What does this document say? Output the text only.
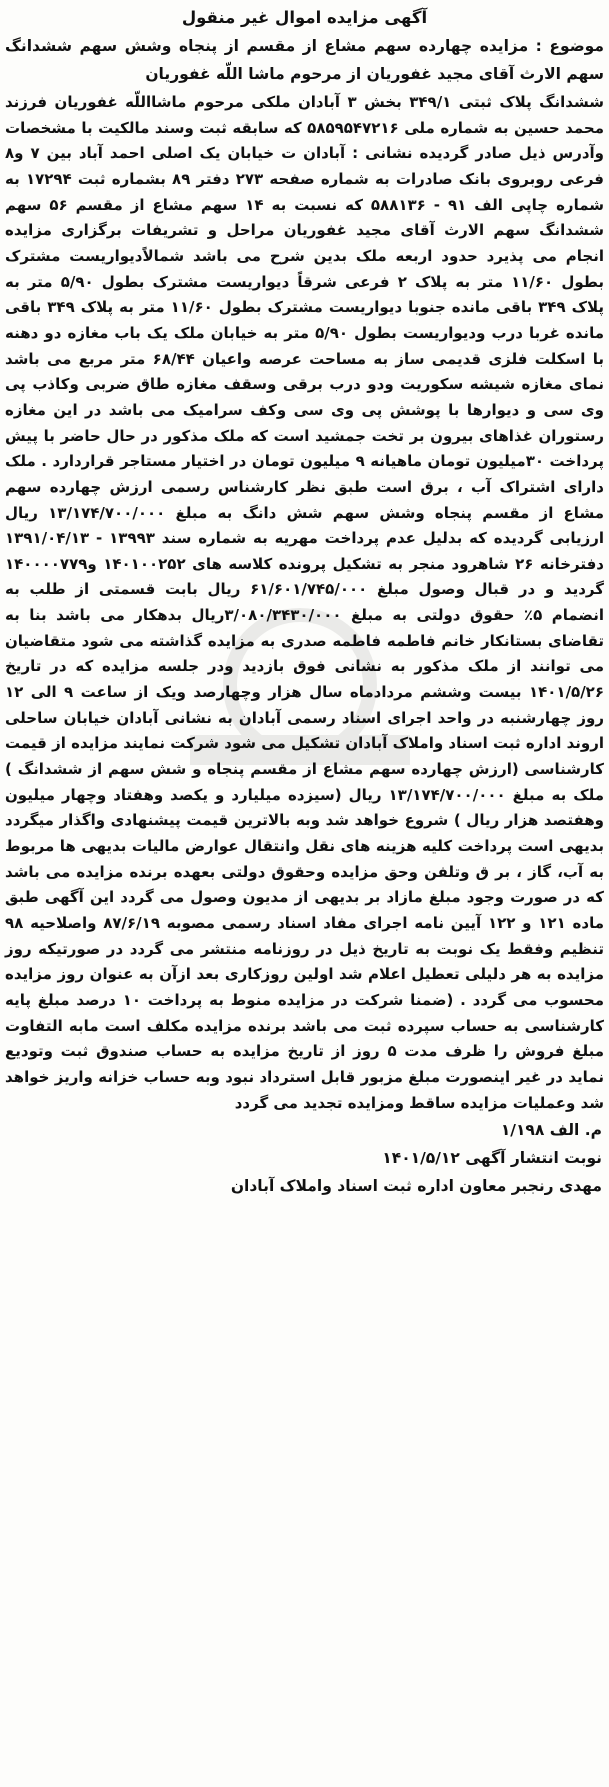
آگهی مزایده اموال غیر منقول

موضوع : مزایده چهارده سهم مشاع از مقسم از پنجاه وشش سهم ششدانگ سهم الارث آقای مجید غفوریان از مرحوم ماشا اللّه غفوریان

ششدانگ پلاک ثبتی ۳۴۹/۱ بخش ۳ آبادان ملکی مرحوم ماشااللّه غفوریان فرزند محمد حسین به شماره ملی ۵۸۵۹۵۴۷۲۱۶ که سابقه ثبت وسند مالکیت با مشخصات وآدرس ذیل صادر گردیده نشانی : آبادان ت خیابان یک اصلی احمد آباد بین ۷ و۸ فرعی روبروی بانک صادرات به شماره صفحه ۲۷۳ دفتر ۸۹ بشماره ثبت ۱۷۲۹۴ به شماره چاپی الف ۹۱ - ۵۸۸۱۳۶ که نسبت به ۱۴ سهم مشاع از مقسم ۵۶ سهم ششدانگ سهم الارث آقای مجید غفوریان مراحل و تشریفات برگزاری مزایده انجام می پذیرد حدود اربعه ملک بدین شرح می باشد شمالاًدیواریست مشترک بطول ۱۱/۶۰ متر به پلاک ۲ فرعی شرقاً دیواریست مشترک بطول ۵/۹۰ متر به پلاک ۳۴۹ باقی مانده جنوبا دیواریست مشترک بطول ۱۱/۶۰ متر به پلاک ۳۴۹ باقی مانده غربا درب ودیواریست بطول ۵/۹۰ متر به خیابان ملک یک باب مغازه دو دهنه با اسکلت فلزی قدیمی ساز به مساحت عرصه واعیان ۶۸/۴۴ متر مربع می باشد نمای مغازه شیشه سکوریت ودو درب برقی وسقف مغازه طاق ضربی وکاذب پی وی سی و دیوارها با پوشش پی وی سی وکف سرامیک می باشد در این مغازه رستوران غذاهای بیرون بر تخت جمشید است که ملک مذکور در حال حاضر با پیش پرداخت ۳۰میلیون تومان ماهیانه ۹ میلیون تومان در اختیار مستاجر قراردارد . ملک دارای اشتراک آب ، برق است طبق نظر کارشناس رسمی ارزش چهارده سهم مشاع از مقسم پنجاه وشش سهم شش دانگ به مبلغ ۱۳/۱۷۴/۷۰۰/۰۰۰ ریال ارزیابی گردیده که بدلیل عدم پرداخت مهریه به شماره سند ۱۳۹۹۳ - ۱۳۹۱/۰۴/۱۳ دفترخانه ۲۶ شاهرود منجر به تشکیل پرونده کلاسه های ۱۴۰۱۰۰۲۵۲ و۱۴۰۰۰۰۷۷۹ گردید و در قبال وصول مبلغ ۶۱/۶۰۱/۷۴۵/۰۰۰ ریال بابت قسمتی از طلب به انضمام ۵٪ حقوق دولتی به مبلغ ۳/۰۸۰/۳۴۳۰/۰۰۰ریال بدهکار می باشد بنا به تقاضای بستانکار خانم فاطمه فاطمه صدری به مزایده گذاشته می شود متقاضیان می توانند از ملک مذکور به نشانی فوق بازدید ودر جلسه مزایده که در تاریخ ۱۴۰۱/۵/۲۶ بیست وششم مردادماه سال هزار وچهارصد ویک از ساعت ۹ الی ۱۲ روز چهارشنبه در واحد اجرای اسناد رسمی آبادان به نشانی آبادان خیابان ساحلی اروند اداره ثبت اسناد واملاک آبادان تشکیل می شود شرکت نمایند مزایده از قیمت کارشناسی (ارزش چهارده سهم مشاع از مقسم پنجاه و شش سهم از ششدانگ ) ملک به مبلغ ۱۳/۱۷۴/۷۰۰/۰۰۰ ریال (سیزده میلیارد و یکصد وهفتاد وچهار میلیون وهفتصد هزار ریال ) شروع خواهد شد وبه بالاترین قیمت پیشنهادی واگذار میگردد بدیهی است پرداخت کلیه هزینه های نقل وانتقال عوارض مالیات بدیهی ها مربوط به آب، گاز ، بر ق وتلفن وحق مزایده وحقوق دولتی بعهده برنده مزایده می باشد که در صورت وجود مبلغ مازاد بر بدیهی از مدیون وصول می گردد این آگهی طبق ماده ۱۲۱ و ۱۲۲ آیین نامه اجرای مفاد اسناد رسمی مصوبه ۸۷/۶/۱۹ واصلاحیه ۹۸ تنظیم وفقط یک نوبت به تاریخ ذیل در روزنامه منتشر می گردد در صورتیکه روز مزایده به هر دلیلی تعطیل اعلام شد اولین روزکاری بعد ازآن به عنوان روز مزایده محسوب می گردد . (ضمنا شرکت در مزایده منوط به پرداخت ۱۰ درصد مبلغ پایه کارشناسی به حساب سپرده ثبت می باشد برنده مزایده مکلف است مابه التفاوت مبلغ فروش را ظرف مدت ۵ روز از تاریخ مزایده به حساب صندوق ثبت وتودیع نماید در غیر اینصورت مبلغ مزبور قابل استرداد نبود وبه حساب خزانه واریز خواهد شد وعملیات مزایده ساقط ومزایده تجدید می گردد

م. الف ۱/۱۹۸

نوبت انتشار آگهی ۱۴۰۱/۵/۱۲

مهدی رنجبر معاون اداره ثبت اسناد واملاک آبادان
